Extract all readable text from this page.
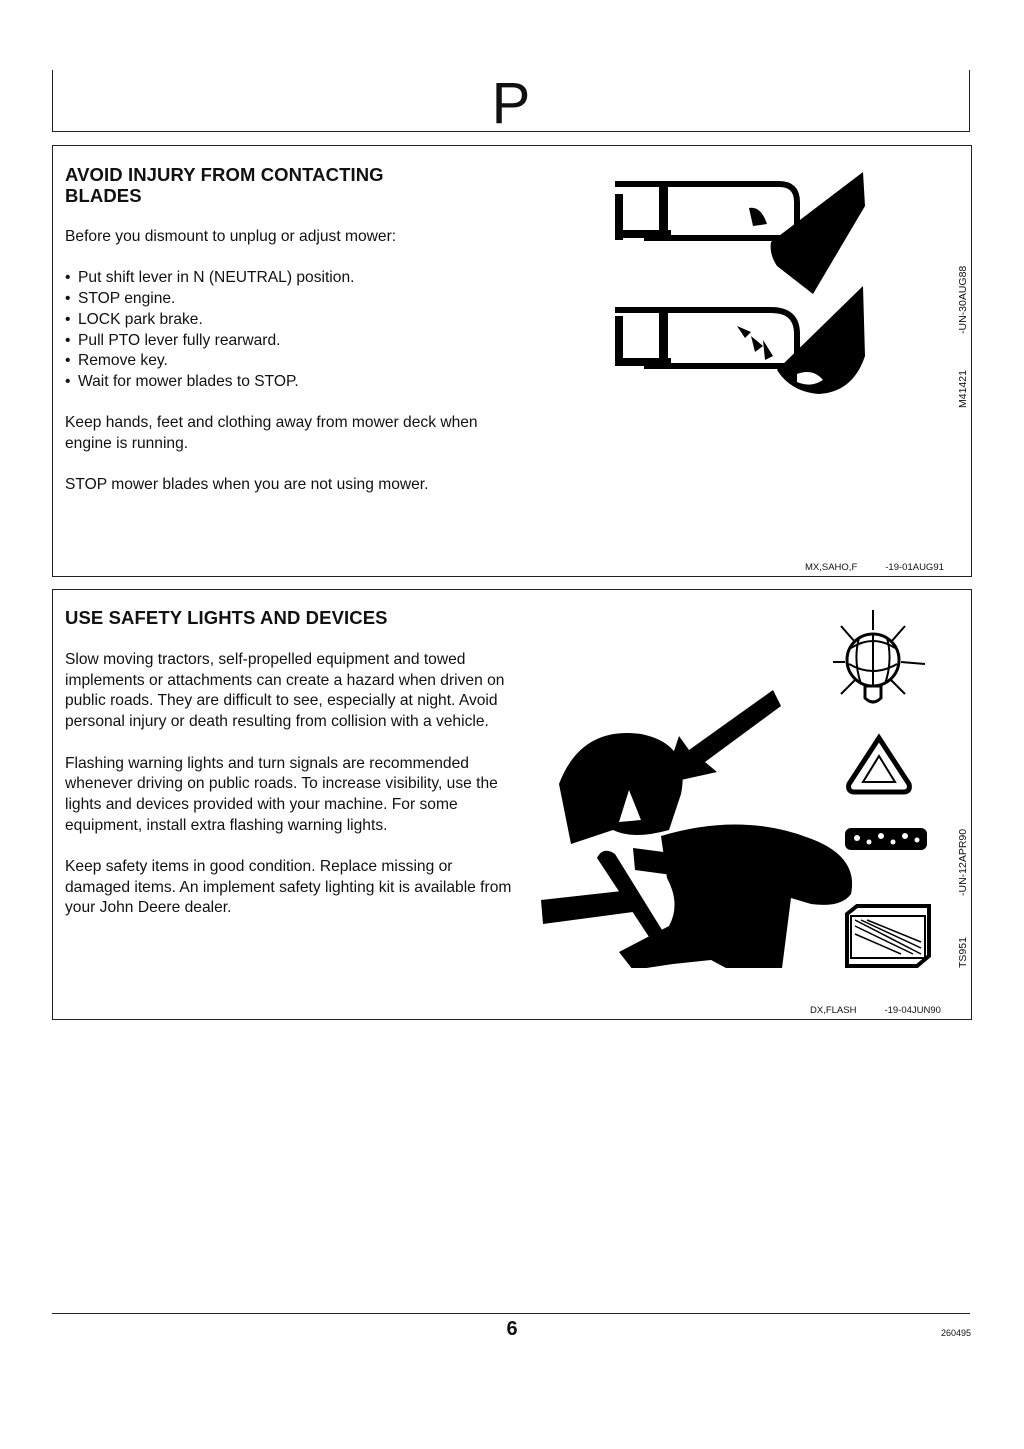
P
AVOID INJURY FROM CONTACTING BLADES

Before you dismount to unplug or adjust mower:

• Put shift lever in N (NEUTRAL) position.
• STOP engine.
• LOCK park brake.
• Pull PTO lever fully rearward.
• Remove key.
• Wait for mower blades to STOP.

Keep hands, feet and clothing away from mower deck when engine is running.

STOP mower blades when you are not using mower.

M41421
-UN-30AUG88
MX,SAHO,F	-19-01AUG91
USE SAFETY LIGHTS AND DEVICES

Slow moving tractors, self-propelled equipment and towed implements or attachments can create a hazard when driven on public roads. They are difficult to see, especially at night. Avoid personal injury or death resulting from collision with a vehicle.

Flashing warning lights and turn signals are recommended whenever driving on public roads. To increase visibility, use the lights and devices provided with your machine. For some equipment, install extra flashing warning lights.

Keep safety items in good condition. Replace missing or damaged items. An implement safety lighting kit is available from your John Deere dealer.

TS951
-UN-12APR90
DX,FLASH	-19-04JUN90
6	260495
